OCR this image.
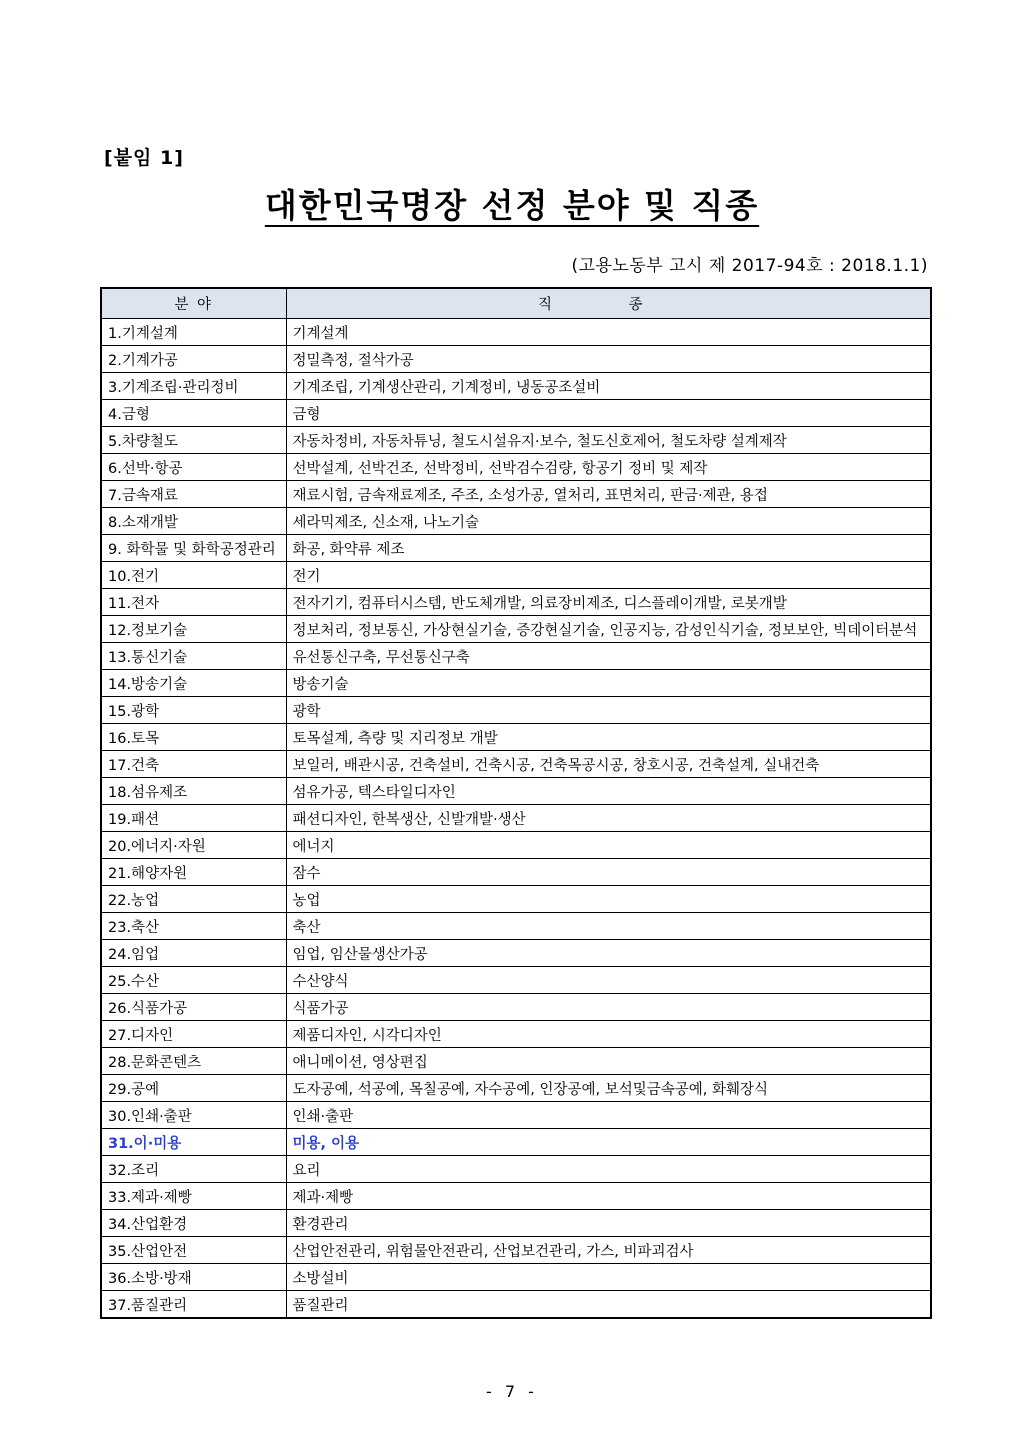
[붙임 1]
대한민국명장 선정 분야 및 직종
(고용노동부 고시 제 2017-94호 : 2018.1.1)
분 야	직 종
1.기계설계	기계설계
2.기계가공	정밀측정, 절삭가공
3.기계조립·관리정비	기계조립, 기계생산관리, 기계정비, 냉동공조설비
4.금형	금형
5.차량철도	자동차정비, 자동차튜닝, 철도시설유지·보수, 철도신호제어, 철도차량 설계제작
6.선박·항공	선박설계, 선박건조, 선박정비, 선박검수검량, 항공기 정비 및 제작
7.금속재료	재료시험, 금속재료제조, 주조, 소성가공, 열처리, 표면처리, 판금·제관, 용접
8.소재개발	세라믹제조, 신소재, 나노기술
9. 화학물 및 화학공정관리	화공, 화약류 제조
10.전기	전기
11.전자	전자기기, 컴퓨터시스템, 반도체개발, 의료장비제조, 디스플레이개발, 로봇개발
12.정보기술	정보처리, 정보통신, 가상현실기술, 증강현실기술, 인공지능, 감성인식기술, 정보보안, 빅데이터분석
13.통신기술	유선통신구축, 무선통신구축
14.방송기술	방송기술
15.광학	광학
16.토목	토목설계, 측량 및 지리정보 개발
17.건축	보일러, 배관시공, 건축설비, 건축시공, 건축목공시공, 창호시공, 건축설계, 실내건축
18.섬유제조	섬유가공, 텍스타일디자인
19.패션	패션디자인, 한복생산, 신발개발·생산
20.에너지·자원	에너지
21.해양자원	잠수
22.농업	농업
23.축산	축산
24.임업	임업, 임산물생산가공
25.수산	수산양식
26.식품가공	식품가공
27.디자인	제품디자인, 시각디자인
28.문화콘텐츠	애니메이션, 영상편집
29.공예	도자공예, 석공예, 목칠공예, 자수공예, 인장공예, 보석및금속공예, 화훼장식
30.인쇄·출판	인쇄·출판
31.이·미용	미용, 이용
32.조리	요리
33.제과·제빵	제과·제빵
34.산업환경	환경관리
35.산업안전	산업안전관리, 위험물안전관리, 산업보건관리, 가스, 비파괴검사
36.소방·방재	소방설비
37.품질관리	품질관리
- 7 -
